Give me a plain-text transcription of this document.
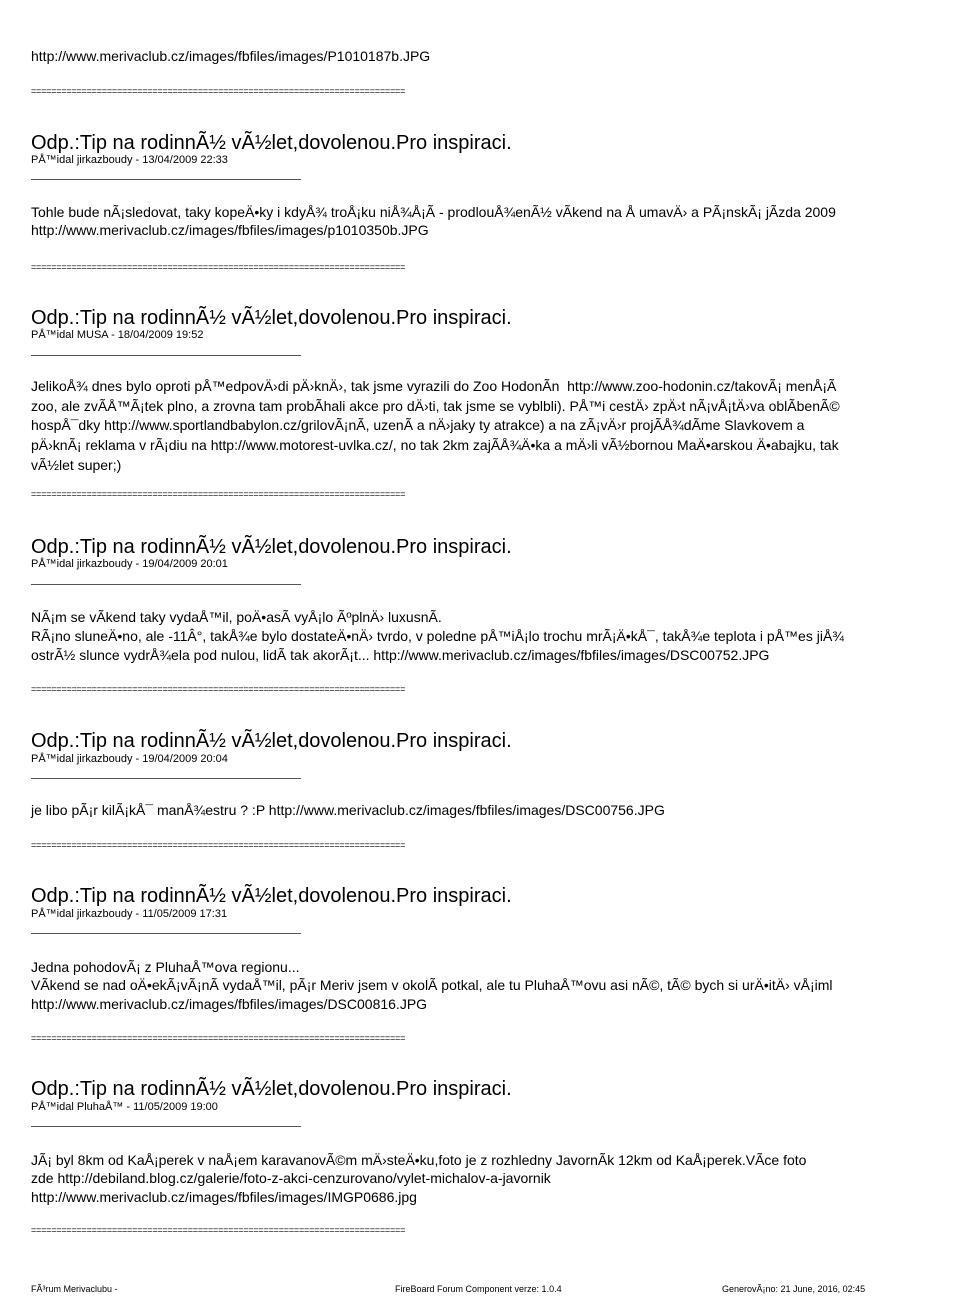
http://www.merivaclub.cz/images/fbfiles/images/P1010187b.JPG
==========================================================================
Odp.:Tip na rodinnÃ½ vÃ½let,dovolenou.Pro inspiraci.
PÅ™idal jirkazboudy - 13/04/2009 22:33
Tohle bude nÃ¡sledovat, taky kopeÄ•ky i kdyÅ¾ troÅ¡ku niÅ¾Å¡Ã - prodlouÅ¾enÃ½ vÃkend na Å umavÄ› a PÃ¡nskÃ¡ jÃzda 2009
http://www.merivaclub.cz/images/fbfiles/images/p1010350b.JPG
==========================================================================
Odp.:Tip na rodinnÃ½ vÃ½let,dovolenou.Pro inspiraci.
PÅ™idal MUSA - 18/04/2009 19:52
JelikoÅ¾ dnes bylo oproti pÅ™edpovÄ›di pÄ›knÄ›, tak jsme vyrazili do Zoo HodonÃn  http://www.zoo-hodonin.cz/takovÃ¡ menÅ¡Ã
zoo, ale zvÃÅ™Ã¡tek plno, a zrovna tam probÃhali akce pro dÄ›ti, tak jsme se vyblbli). PÅ™i cestÄ› zpÄ›t nÃ¡vÅ¡tÄ›va oblÃbenÃ©
hospÅ¯dky http://www.sportlandbabylon.cz/grilovÃ¡nÃ, uzenÃ a nÄ›jaky ty atrakce) a na zÃ¡vÄ›r projÃÅ¾dÃme Slavkovem a
pÄ›knÃ¡ reklama v rÃ¡diu na http://www.motorest-uvlka.cz/, no tak 2km zajÃÅ¾Ä•ka a mÄ›li vÃ½bornou MaÄ•arskou Ä•abajku, tak
vÃ½let super;)
==========================================================================
Odp.:Tip na rodinnÃ½ vÃ½let,dovolenou.Pro inspiraci.
PÅ™idal jirkazboudy - 19/04/2009 20:01
NÃ¡m se vÃkend taky vydaÅ™il, poÄ•asÃ vyÅ¡lo ÃºplnÄ› luxusnÃ.
RÃ¡no sluneÄ•no, ale -11Â°, takÅ¾e bylo dostateÄ•nÄ› tvrdo, v poledne pÅ™iÅ¡lo trochu mrÃ¡Ä•kÅ¯, takÅ¾e teplota i pÅ™es jiÅ¾
ostrÃ½ slunce vydrÅ¾ela pod nulou, lidÃ tak akorÃ¡t... http://www.merivaclub.cz/images/fbfiles/images/DSC00752.JPG
==========================================================================
Odp.:Tip na rodinnÃ½ vÃ½let,dovolenou.Pro inspiraci.
PÅ™idal jirkazboudy - 19/04/2009 20:04
je libo pÃ¡r kilÃ¡kÅ¯ manÅ¾estru ? :P http://www.merivaclub.cz/images/fbfiles/images/DSC00756.JPG
==========================================================================
Odp.:Tip na rodinnÃ½ vÃ½let,dovolenou.Pro inspiraci.
PÅ™idal jirkazboudy - 11/05/2009 17:31
Jedna pohodovÃ¡ z PluhaÅ™ova regionu...
VÃkend se nad oÄ•ekÃ¡vÃ¡nÃ vydaÅ™il, pÃ¡r Meriv jsem v okolÃ potkal, ale tu PluhaÅ™ovu asi nÃ©, tÃ© bych si urÄ•itÄ› vÅ¡iml
http://www.merivaclub.cz/images/fbfiles/images/DSC00816.JPG
==========================================================================
Odp.:Tip na rodinnÃ½ vÃ½let,dovolenou.Pro inspiraci.
PÅ™idal PluhaÅ™ - 11/05/2009 19:00
JÃ¡ byl 8km od KaÅ¡perek v naÅ¡em karavanovÃ©m mÄ›steÄ•ku,foto je z rozhledny JavornÃk 12km od KaÅ¡perek.VÃce foto
zde http://debiland.blog.cz/galerie/foto-z-akci-cenzurovano/vylet-michalov-a-javornik
http://www.merivaclub.cz/images/fbfiles/images/IMGP0686.jpg
==========================================================================
FÃ³rum Merivaclubu -	FireBoard Forum Component verze: 1.0.4	GenerovÃ¡no: 21 June, 2016, 02:45
